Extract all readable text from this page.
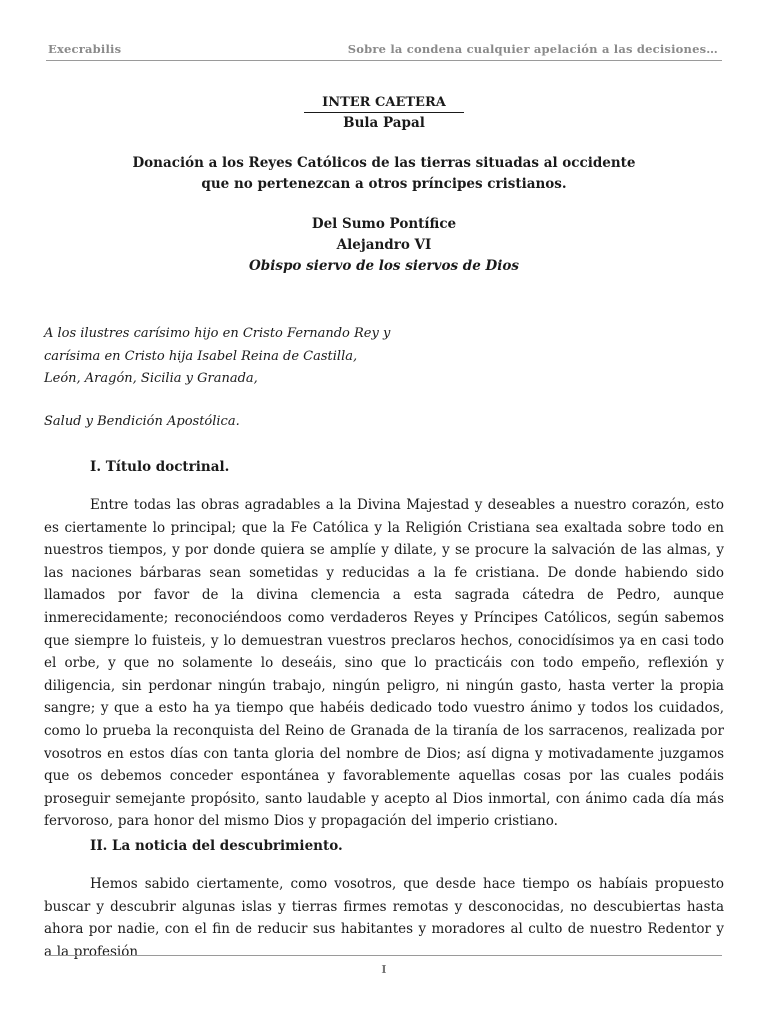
Execrabilis	Sobre la condena cualquier apelación a las decisiones…
INTER CAETERA
Bula Papal
Donación a los Reyes Católicos de las tierras situadas al occidente
que no pertenezcan a otros príncipes cristianos.
Del Sumo Pontífice
Alejandro VI
Obispo siervo de los siervos de Dios
A los ilustres carísimo hijo en Cristo Fernando Rey y
carísima en Cristo hija Isabel Reina de Castilla,
León, Aragón, Sicilia y Granada,
Salud y Bendición Apostólica.
I. Título doctrinal.
Entre todas las obras agradables a la Divina Majestad y deseables a nuestro corazón, esto es ciertamente lo principal; que la Fe Católica y la Religión Cristiana sea exaltada sobre todo en nuestros tiempos, y por donde quiera se amplíe y dilate, y se procure la salvación de las almas, y las naciones bárbaras sean sometidas y reducidas a la fe cristiana. De donde habiendo sido llamados por favor de la divina clemencia a esta sagrada cátedra de Pedro, aunque inmerecidamente; reconociéndoos como verdaderos Reyes y Príncipes Católicos, según sabemos que siempre lo fuisteis, y lo demuestran vuestros preclaros hechos, conocidísimos ya en casi todo el orbe, y que no solamente lo deseáis, sino que lo practicáis con todo empeño, reflexión y diligencia, sin perdonar ningún trabajo, ningún peligro, ni ningún gasto, hasta verter la propia sangre; y que a esto ha ya tiempo que habéis dedicado todo vuestro ánimo y todos los cuidados, como lo prueba la reconquista del Reino de Granada de la tiranía de los sarracenos, realizada por vosotros en estos días con tanta gloria del nombre de Dios; así digna y motivadamente juzgamos que os debemos conceder espontánea y favorablemente aquellas cosas por las cuales podáis proseguir semejante propósito, santo laudable y acepto al Dios inmortal, con ánimo cada día más fervoroso, para honor del mismo Dios y propagación del imperio cristiano.
II. La noticia del descubrimiento.
Hemos sabido ciertamente, como vosotros, que desde hace tiempo os habíais propuesto buscar y descubrir algunas islas y tierras firmes remotas y desconocidas, no descubiertas hasta ahora por nadie, con el fin de reducir sus habitantes y moradores al culto de nuestro Redentor y a la profesión
I
